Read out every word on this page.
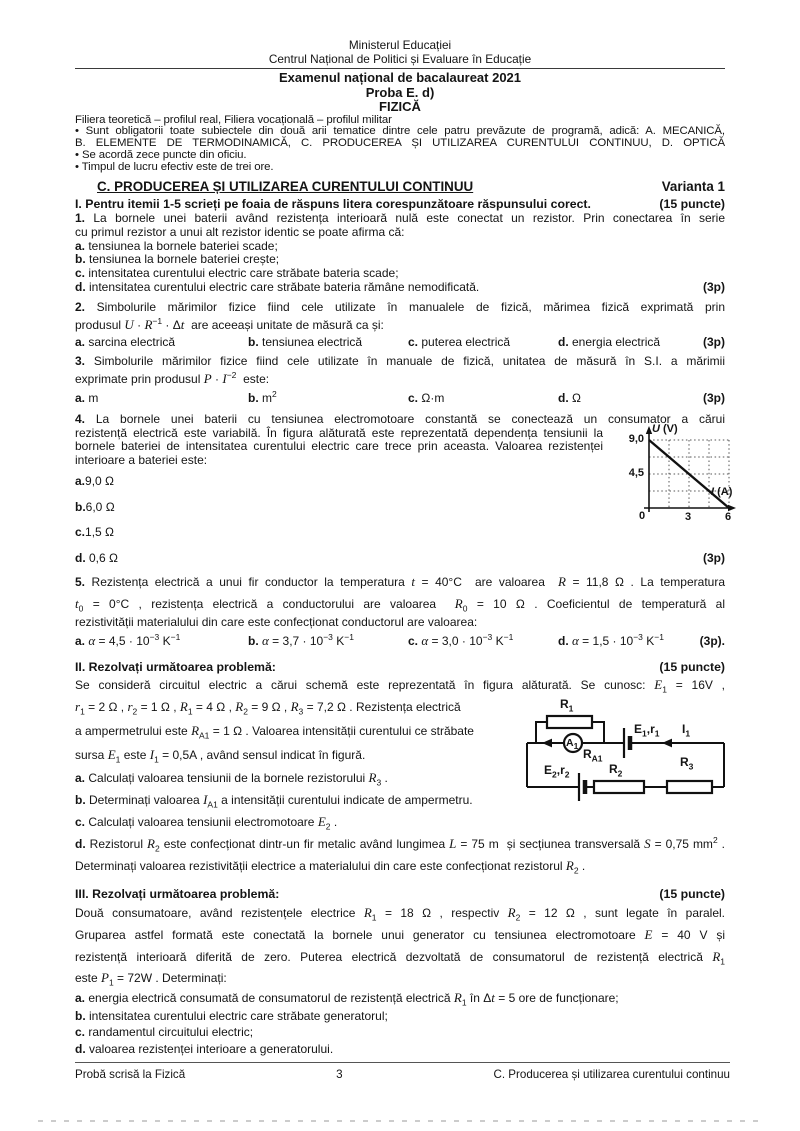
Ministerul Educației
Centrul Național de Politici și Evaluare în Educație
Examenul național de bacalaureat 2021
Proba E. d)
FIZICĂ
Filiera teoretică – profilul real, Filiera vocațională – profilul militar
• Sunt obligatorii toate subiectele din două arii tematice dintre cele patru prevăzute de programă, adică: A. MECANICĂ,
B. ELEMENTE DE TERMODINAMICĂ, C. PRODUCEREA ȘI UTILIZAREA CURENTULUI CONTINUU, D. OPTICĂ
• Se acordă zece puncte din oficiu.
• Timpul de lucru efectiv este de trei ore.
C. PRODUCEREA ȘI UTILIZAREA CURENTULUI CONTINUU	Varianta 1
I. Pentru itemii 1-5 scrieți pe foaia de răspuns litera corespunzătoare răspunsului corect.	(15 puncte)
1. La bornele unei baterii având rezistența interioară nulă este conectat un rezistor. Prin conectarea în serie
cu primul rezistor a unui alt rezistor identic se poate afirma că:
a. tensiunea la bornele bateriei scade;
b. tensiunea la bornele bateriei crește;
c. intensitatea curentului electric care străbate bateria scade;
d. intensitatea curentului electric care străbate bateria rămâne nemodificată.	(3p)
2. Simbolurile mărimilor fizice fiind cele utilizate în manualele de fizică, mărimea fizică exprimată prin
produsul $U \cdot R^{-1} \cdot \Delta t$  are aceeași unitate de măsură ca și:
a. sarcina electrică	b. tensiunea electrică	c. puterea electrică	d. energia electrică	(3p)
3. Simbolurile mărimilor fizice fiind cele utilizate în manuale de fizică, unitatea de măsură în S.I. a mărimii
exprimate prin produsul $P \cdot I^{-2}$  este:
a. m	b. $m^2$	c. Ω·m	d. Ω	(3p)
4. La bornele unei baterii cu tensiunea electromotoare constantă se conectează un consumator a cărui
rezistență electrică este variabilă. În figura alăturată este reprezentată dependența tensiunii la bornele bateriei de intensitatea curentului electric care trece prin aceasta. Valoarea rezistenței interioare a bateriei este:
a. 9,0 Ω
b. 6,0 Ω
c. 1,5 Ω
d. 0,6 Ω	(3p)
U (V)
I (A)
9,0
4,5
0	3	6
5. Rezistența electrică a unui fir conductor la temperatura t = 40°C  are valoarea  R = 11,8 Ω . La temperatura
$t_0 = 0^\circ C$ , rezistența electrică a conductorului are valoarea  $R_0 = 10$ Ω . Coeficientul de temperatură al
rezistivității materialului din care este confecționat conductorul are valoarea:
a. $\alpha = 4,5 \cdot 10^{-3}$ $K^{-1}$	b. $\alpha = 3,7 \cdot 10^{-3}$ $K^{-1}$	c. $\alpha = 3,0 \cdot 10^{-3}$ $K^{-1}$	d. $\alpha = 1,5 \cdot 10^{-3}$ $K^{-1}$	(3p).
II. Rezolvați următoarea problemă:	(15 puncte)
Se consideră circuitul electric a cărui schemă este reprezentată în figura alăturată. Se cunosc: $E_1 = 16V$ ,
$r_1 = 2$ Ω , $r_2 = 1$ Ω , $R_1 = 4$ Ω , $R_2 = 9$ Ω , $R_3 = 7,2$ Ω . Rezistența electrică
a ampermetrului este $R_{A1} = 1$ Ω . Valoarea intensității curentului ce străbate
sursa $E_1$ este $I_1 = 0,5A$ , având sensul indicat în figură.
a. Calculați valoarea tensiunii de la bornele rezistorului $R_3$ .
b. Determinați valoarea $I_{A1}$ a intensității curentului indicate de ampermetru.
c. Calculați valoarea tensiunii electromotoare $E_2$ .
d. Rezistorul $R_2$ este confecționat dintr-un fir metalic având lungimea L = 75 m  și secțiunea transversală S = 0,75 $mm^2$ . Determinați valoarea rezistivității electrice a materialului din care este confecționat rezistorul $R_2$ .
$R_1$
$A_1$
$R_{A1}$
$E_1,r_1$ $I_1$
$E_2,r_2$	$R_2$
$R_3$
III. Rezolvați următoarea problemă:	(15 puncte)
Două consumatoare, având rezistențele electrice $R_1 = 18$ Ω , respectiv $R_2 = 12$ Ω , sunt legate în paralel.
Gruparea astfel formată este conectată la bornele unui generator cu tensiunea electromotoare E = 40 V și
rezistență interioară diferită de zero. Puterea electrică dezvoltată de consumatorul de rezistență electrică $R_1$
este $P_1 = 72W$ . Determinați:
a. energia electrică consumată de consumatorul de rezistență electrică $R_1$ în Δt = 5 ore de funcționare;
b. intensitatea curentului electric care străbate generatorul;
c. randamentul circuitului electric;
d. valoarea rezistenței interioare a generatorului.
Probă scrisă la Fizică	3	C. Producerea și utilizarea curentului continuu
